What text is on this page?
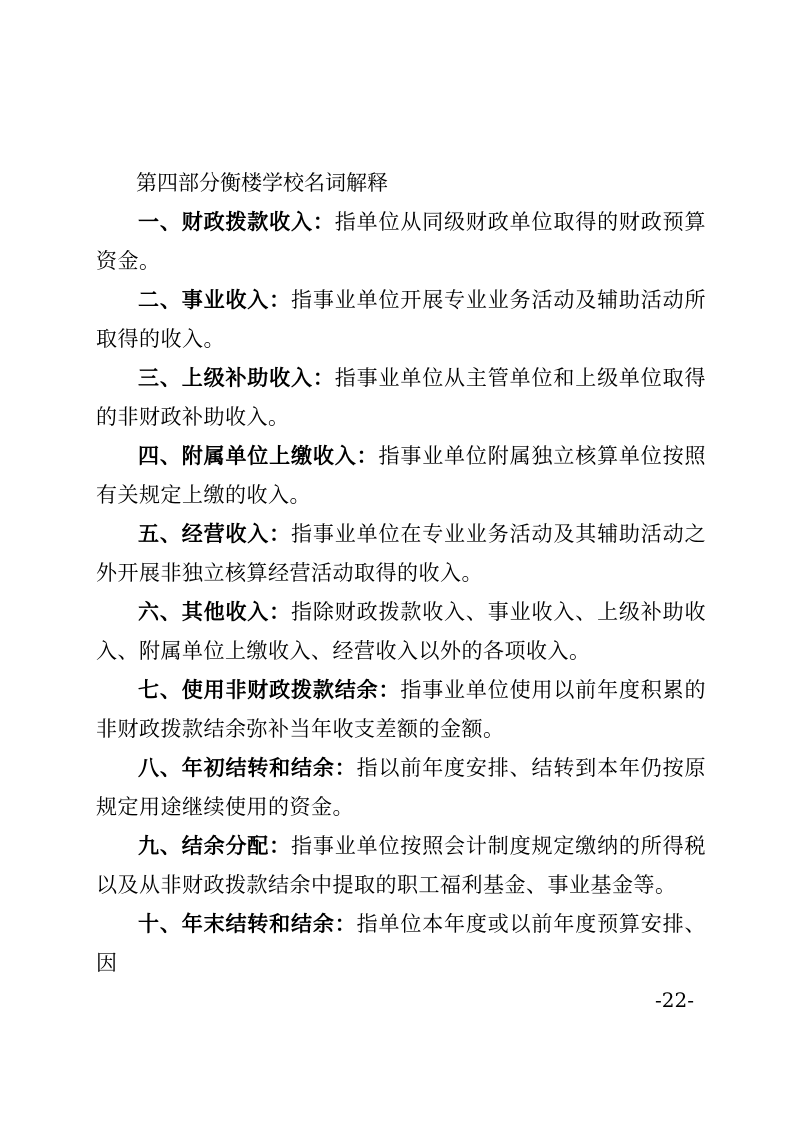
第四部分衡楼学校名词解释

一、财政拨款收入：指单位从同级财政单位取得的财政预算资金。

二、事业收入：指事业单位开展专业业务活动及辅助活动所取得的收入。

三、上级补助收入：指事业单位从主管单位和上级单位取得的非财政补助收入。

四、附属单位上缴收入：指事业单位附属独立核算单位按照有关规定上缴的收入。

五、经营收入：指事业单位在专业业务活动及其辅助活动之外开展非独立核算经营活动取得的收入。

六、其他收入：指除财政拨款收入、事业收入、上级补助收入、附属单位上缴收入、经营收入以外的各项收入。

七、使用非财政拨款结余：指事业单位使用以前年度积累的非财政拨款结余弥补当年收支差额的金额。

八、年初结转和结余：指以前年度安排、结转到本年仍按原规定用途继续使用的资金。

九、结余分配：指事业单位按照会计制度规定缴纳的所得税以及从非财政拨款结余中提取的职工福利基金、事业基金等。

十、年末结转和结余：指单位本年度或以前年度预算安排、因

-22-
